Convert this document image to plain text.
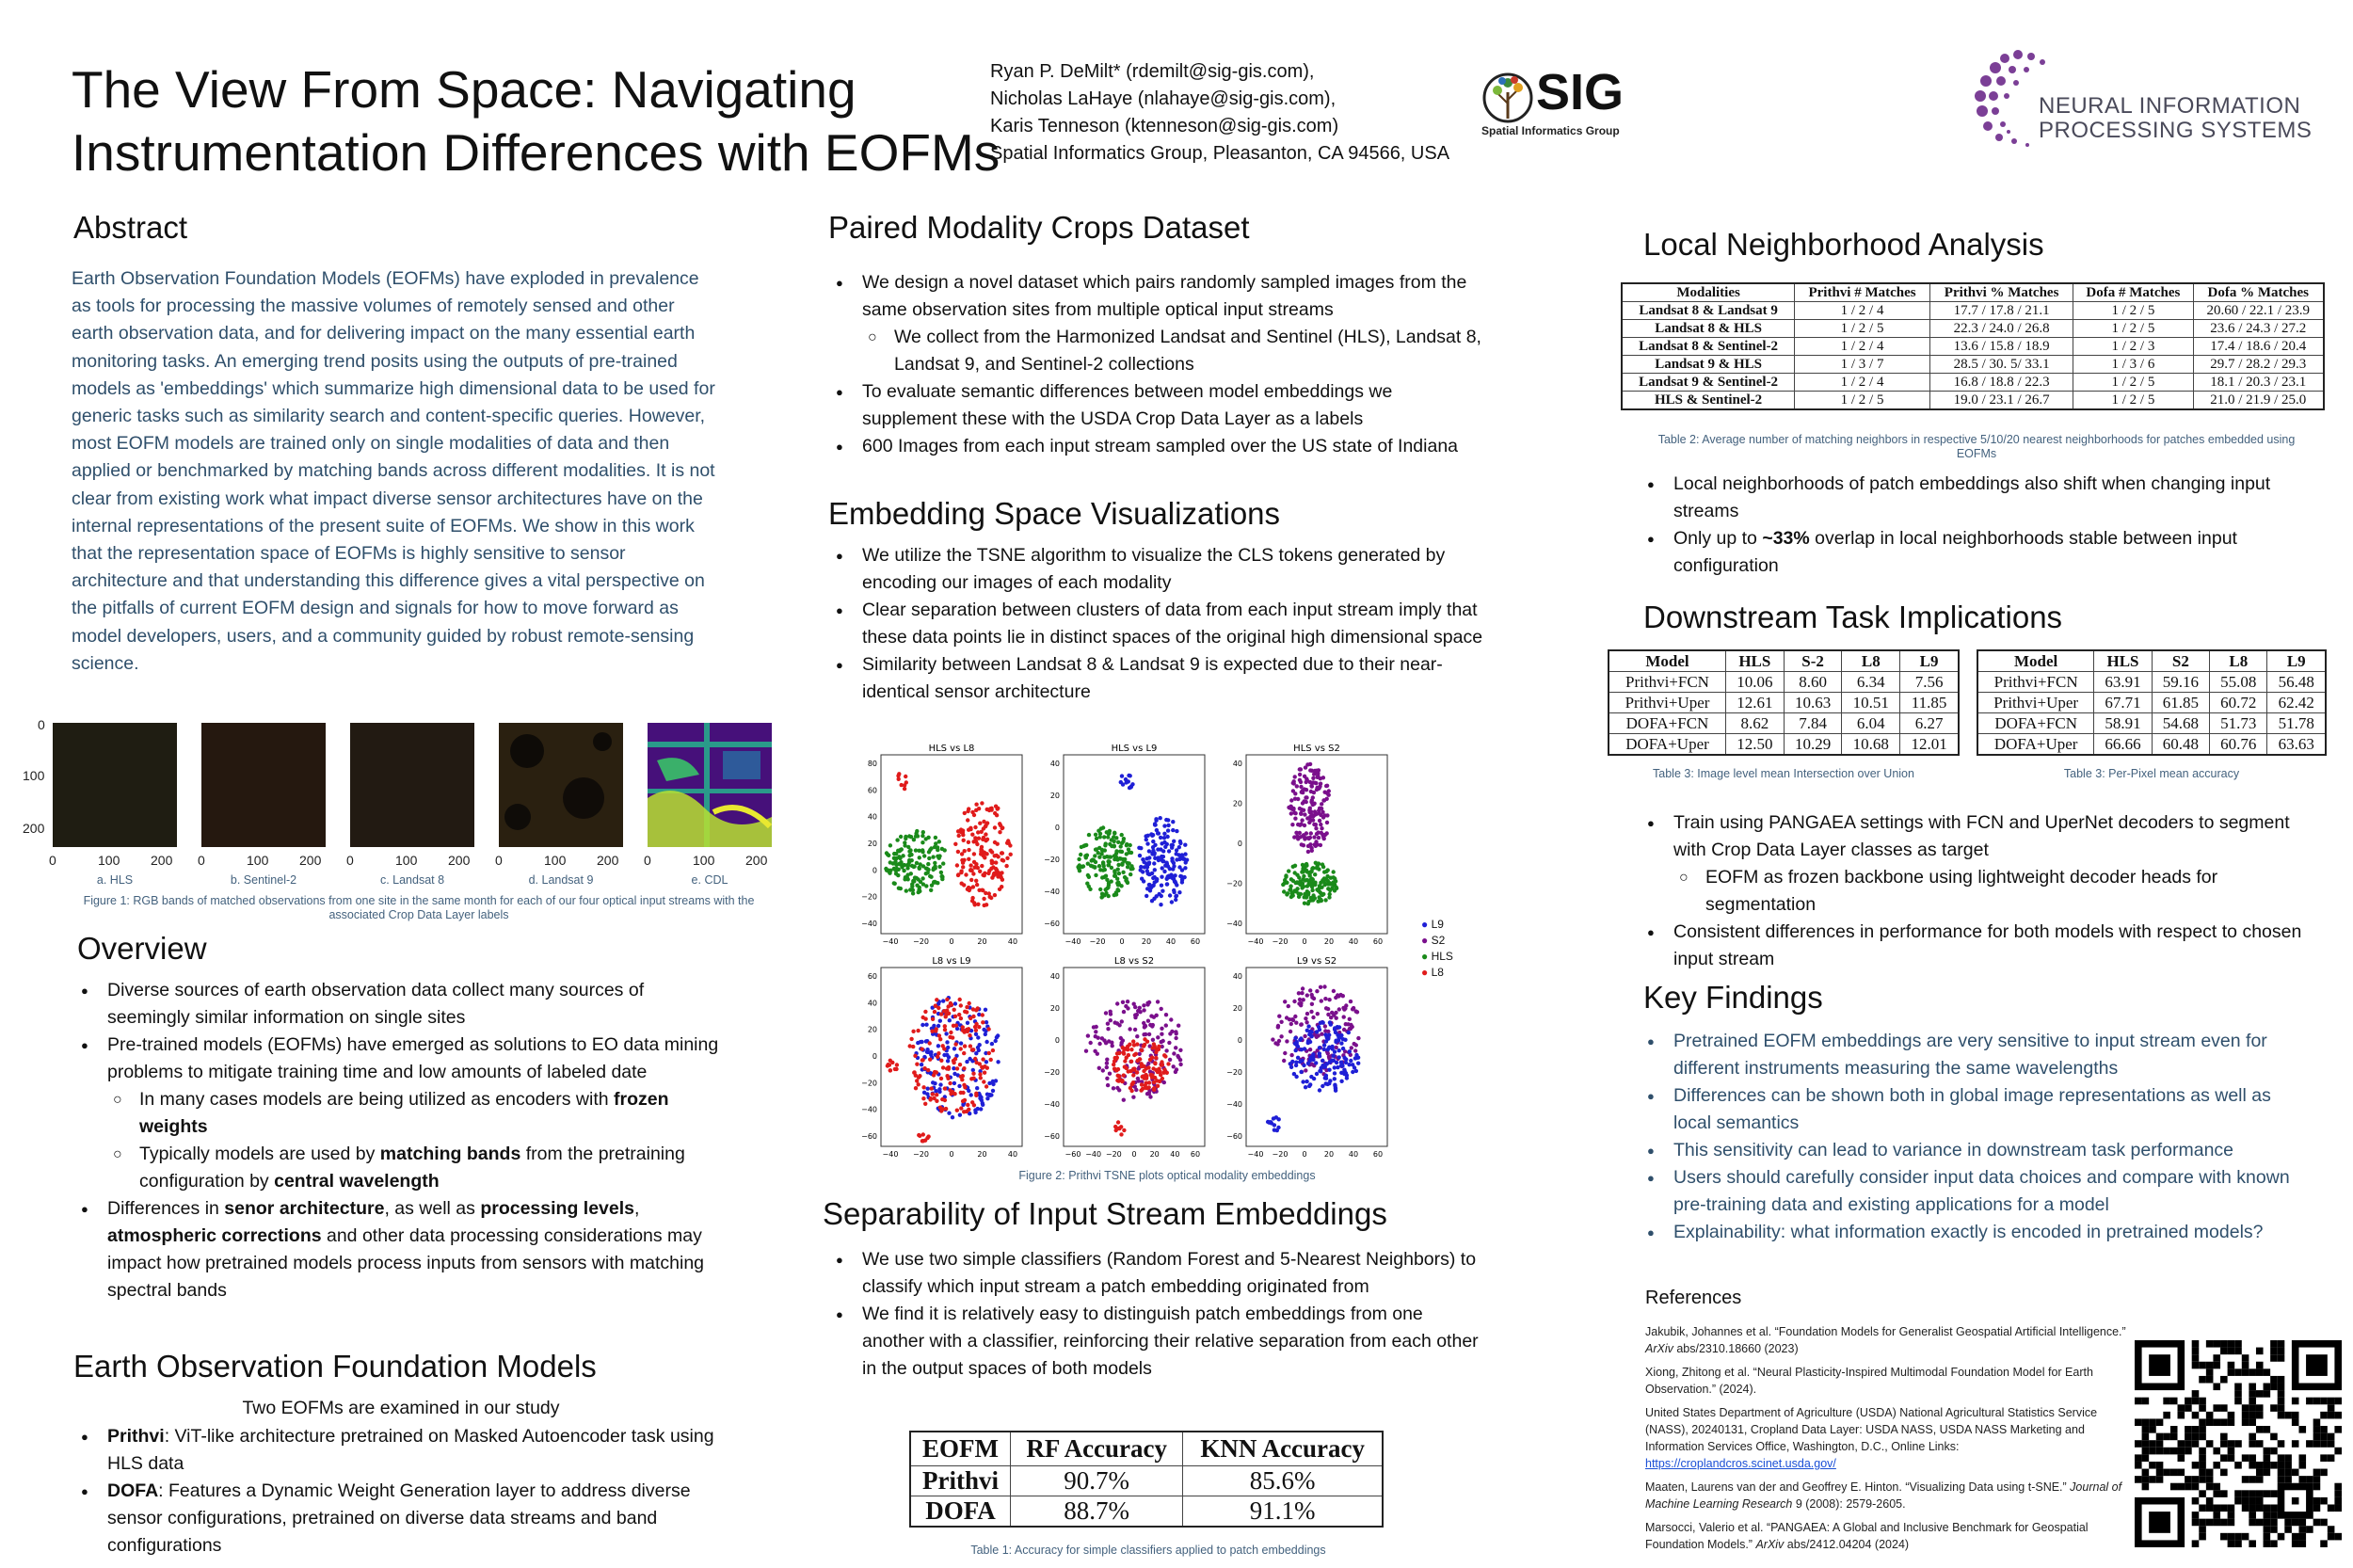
The View From Space: Navigating
Instrumentation Differences with EOFMs
Ryan P. DeMilt* (rdemilt@sig-gis.com),
Nicholas LaHaye (nlahaye@sig-gis.com),
Karis Tenneson (ktenneson@sig-gis.com)
Spatial Informatics Group, Pleasanton, CA 94566, USA
SIG
Spatial Informatics Group
NEURAL INFORMATION
PROCESSING SYSTEMS
Abstract

Earth Observation Foundation Models (EOFMs) have exploded in prevalence as tools for processing the massive volumes of remotely sensed and other earth observation data, and for delivering impact on the many essential earth monitoring tasks. An emerging trend posits using the outputs of pre-trained models as 'embeddings' which summarize high dimensional data to be used for generic tasks such as similarity search and content-specific queries. However, most EOFM models are trained only on single modalities of data and then applied or benchmarked by matching bands across different modalities. It is not clear from existing work what impact diverse sensor architectures have on the internal representations of the present suite of EOFMs. We show in this work that the representation space of EOFMs is highly sensitive to sensor architecture and that understanding this difference gives a vital perspective on the pitfalls of current EOFM design and signals for how to move forward as model developers, users, and a community guided by robust remote-sensing science.

0
100
200
0	100 200 0	100 200 0	100 200 0	100 200 0	100 200
a. HLS	b. Sentinel-2	c. Landsat 8	d. Landsat 9	e. CDL
Figure 1: RGB bands of matched observations from one site in the same month for each of our four optical input streams with the associated Crop Data Layer labels
Overview
● Diverse sources of earth observation data collect many sources of seemingly similar information on single sites
● Pre-trained models (EOFMs) have emerged as solutions to EO data mining problems to mitigate training time and low amounts of labeled date
○ In many cases models are being utilized as encoders with frozen weights
○ Typically models are used by matching bands from the pretraining configuration by central wavelength
● Differences in senor architecture, as well as processing levels, atmospheric corrections and other data processing considerations may impact how pretrained models process inputs from sensors with matching spectral bands
Earth Observation Foundation Models
Two EOFMs are examined in our study
● Prithvi: ViT-like architecture pretrained on Masked Autoencoder task using HLS data
● DOFA: Features a Dynamic Weight Generation layer to address diverse sensor configurations, pretrained on diverse data streams and band configurations
Paired Modality Crops Dataset
● We design a novel dataset which pairs randomly sampled images from the same observation sites from multiple optical input streams
○ We collect from the Harmonized Landsat and Sentinel (HLS), Landsat 8, Landsat 9, and Sentinel-2 collections
● To evaluate semantic differences between model embeddings we supplement these with the USDA Crop Data Layer as a labels
● 600 Images from each input stream sampled over the US state of Indiana
Embedding Space Visualizations
● We utilize the TSNE algorithm to visualize the CLS tokens generated by encoding our images of each modality
● Clear separation between clusters of data from each input stream imply that these data points lie in distinct spaces of the original high dimensional space
● Similarity between Landsat 8 & Landsat 9 is expected due to their near-identical sensor architecture
HLS vs L8
80
60
40
20
0
−20
−40
−40 −20	0	20	40
HLS vs L9
40
20
0
−20
−40
−60
−40 −20 0 20 40 60
HLS vs S2
40
20
0
−20
−40
−40 −20 0 20 40 60
L8 vs L9
60
40
20
0
−20
−40
−60
−40 −20	0	20	40
L8 vs S2
40
20
0
−20
−40
−60
−60 −40 −20 0 20 40 60
L9 vs S2
40
20
0
−20
−40
−60
−40 −20 0 20 40 60
● L9
● S2
● HLS
● L8
Figure 2: Prithvi TSNE plots optical modality embeddings
Separability of Input Stream Embeddings
● We use two simple classifiers (Random Forest and 5-Nearest Neighbors) to classify which input stream a patch embedding originated from
● We find it is relatively easy to distinguish patch embeddings from one another with a classifier, reinforcing their relative separation from each other in the output spaces of both models
EOFM	RF Accuracy	KNN Accuracy
Prithvi	90.7%	85.6%
DOFA	88.7%	91.1%
Table 1: Accuracy for simple classifiers applied to patch embeddings
Local Neighborhood Analysis
Modalities	Prithvi # Matches	Prithvi % Matches	Dofa # Matches	Dofa % Matches
Landsat 8 & Landsat 9	1 / 2 / 4	17.7 / 17.8 / 21.1	1 / 2 / 5	20.60 / 22.1 / 23.9
Landsat 8 & HLS	1 / 2 / 5	22.3 / 24.0 / 26.8	1 / 2 / 5	23.6 / 24.3 / 27.2
Landsat 8 & Sentinel-2	1 / 2 / 4	13.6 / 15.8 / 18.9	1 / 2 / 3	17.4 / 18.6 / 20.4
Landsat 9 & HLS	1 / 3 / 7	28.5 / 30. 5/ 33.1	1 / 3 / 6	29.7 / 28.2 / 29.3
Landsat 9 & Sentinel-2	1 / 2 / 4	16.8 / 18.8 / 22.3	1 / 2 / 5	18.1 / 20.3 / 23.1
HLS & Sentinel-2	1 / 2 / 5	19.0 / 23.1 / 26.7	1 / 2 / 5	21.0 / 21.9 / 25.0
Table 2: Average number of matching neighbors in respective 5/10/20 nearest neighborhoods for patches embedded using EOFMs
● Local neighborhoods of patch embeddings also shift when changing input streams
● Only up to ~33% overlap in local neighborhoods stable between input configuration
Downstream Task Implications
Model	HLS	S-2	L8	L9
Prithvi+FCN	10.06	8.60	6.34	7.56
Prithvi+Uper	12.61	10.63	10.51	11.85
DOFA+FCN	8.62	7.84	6.04	6.27
DOFA+Uper	12.50	10.29	10.68	12.01
Table 3: Image level mean Intersection over Union
Model	HLS	S2	L8	L9
Prithvi+FCN	63.91	59.16	55.08	56.48
Prithvi+Uper	67.71	61.85	60.72	62.42
DOFA+FCN	58.91	54.68	51.73	51.78
DOFA+Uper	66.66	60.48	60.76	63.63
Table 3: Per-Pixel mean accuracy
● Train using PANGAEA settings with FCN and UperNet decoders to segment with Crop Data Layer classes as target
○ EOFM as frozen backbone using lightweight decoder heads for segmentation
● Consistent differences in performance for both models with respect to chosen input stream
Key Findings
● Pretrained EOFM embeddings are very sensitive to input stream even for different instruments measuring the same wavelengths
● Differences can be shown both in global image representations as well as local semantics
● This sensitivity can lead to variance in downstream task performance
● Users should carefully consider input data choices and compare with known pre-training data and existing applications for a model
● Explainability: what information exactly is encoded in pretrained models?
References

Jakubik, Johannes et al. “Foundation Models for Generalist Geospatial Artificial Intelligence.” ArXiv abs/2310.18660 (2023)

Xiong, Zhitong et al. “Neural Plasticity-Inspired Multimodal Foundation Model for Earth Observation.” (2024).

United States Department of Agriculture (USDA) National Agricultural Statistics Service (NASS), 20240131, Cropland Data Layer: USDA NASS, USDA NASS Marketing and Information Services Office, Washington, D.C., Online Links:
https://croplandcros.scinet.usda.gov/

Maaten, Laurens van der and Geoffrey E. Hinton. “Visualizing Data using t-SNE.” Journal of Machine Learning Research 9 (2008): 2579-2605.

Marsocci, Valerio et al. “PANGAEA: A Global and Inclusive Benchmark for Geospatial Foundation Models.” ArXiv abs/2412.04204 (2024)
